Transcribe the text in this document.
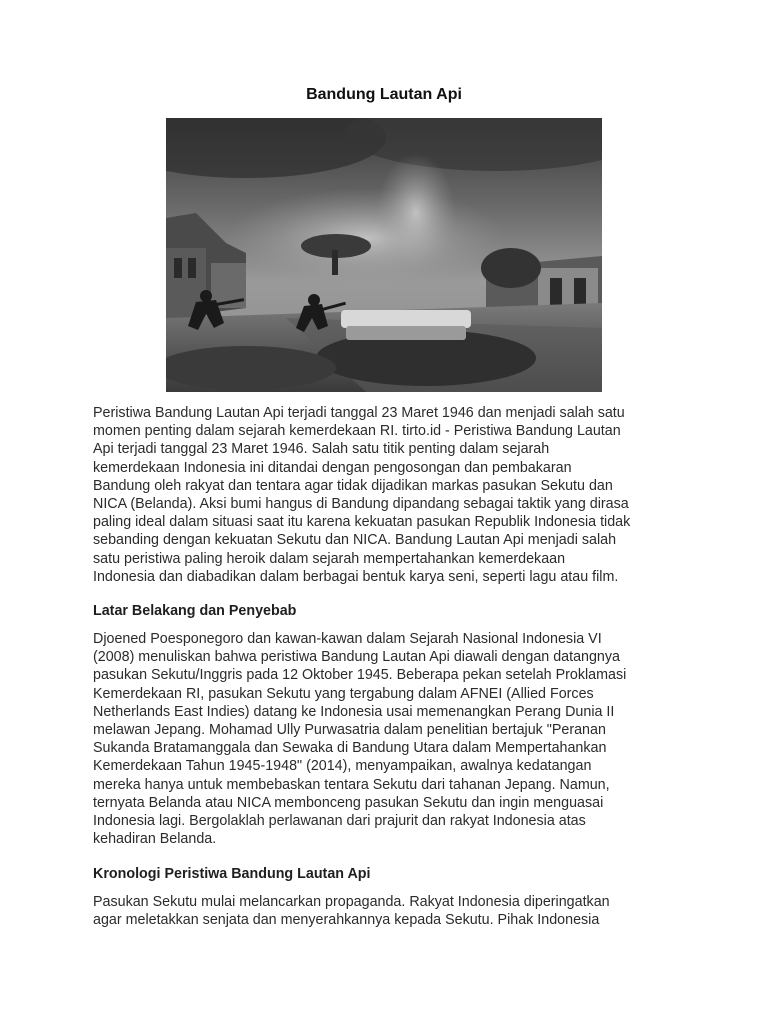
Bandung Lautan Api

Peristiwa Bandung Lautan Api terjadi tanggal 23 Maret 1946 dan menjadi salah satu
momen penting dalam sejarah kemerdekaan RI. tirto.id - Peristiwa Bandung Lautan
Api terjadi tanggal 23 Maret 1946. Salah satu titik penting dalam sejarah
kemerdekaan Indonesia ini ditandai dengan pengosongan dan pembakaran
Bandung oleh rakyat dan tentara agar tidak dijadikan markas pasukan Sekutu dan
NICA (Belanda). Aksi bumi hangus di Bandung dipandang sebagai taktik yang dirasa
paling ideal dalam situasi saat itu karena kekuatan pasukan Republik Indonesia tidak
sebanding dengan kekuatan Sekutu dan NICA. Bandung Lautan Api menjadi salah
satu peristiwa paling heroik dalam sejarah mempertahankan kemerdekaan
Indonesia dan diabadikan dalam berbagai bentuk karya seni, seperti lagu atau film.

Latar Belakang dan Penyebab

Djoened Poesponegoro dan kawan-kawan dalam Sejarah Nasional Indonesia VI
(2008) menuliskan bahwa peristiwa Bandung Lautan Api diawali dengan datangnya
pasukan Sekutu/Inggris pada 12 Oktober 1945. Beberapa pekan setelah Proklamasi
Kemerdekaan RI, pasukan Sekutu yang tergabung dalam AFNEI (Allied Forces
Netherlands East Indies) datang ke Indonesia usai memenangkan Perang Dunia II
melawan Jepang. Mohamad Ully Purwasatria dalam penelitian bertajuk "Peranan
Sukanda Bratamanggala dan Sewaka di Bandung Utara dalam Mempertahankan
Kemerdekaan Tahun 1945-1948" (2014), menyampaikan, awalnya kedatangan
mereka hanya untuk membebaskan tentara Sekutu dari tahanan Jepang. Namun,
ternyata Belanda atau NICA membonceng pasukan Sekutu dan ingin menguasai
Indonesia lagi. Bergolaklah perlawanan dari prajurit dan rakyat Indonesia atas
kehadiran Belanda.

Kronologi Peristiwa Bandung Lautan Api

Pasukan Sekutu mulai melancarkan propaganda. Rakyat Indonesia diperingatkan
agar meletakkan senjata dan menyerahkannya kepada Sekutu. Pihak Indonesia
